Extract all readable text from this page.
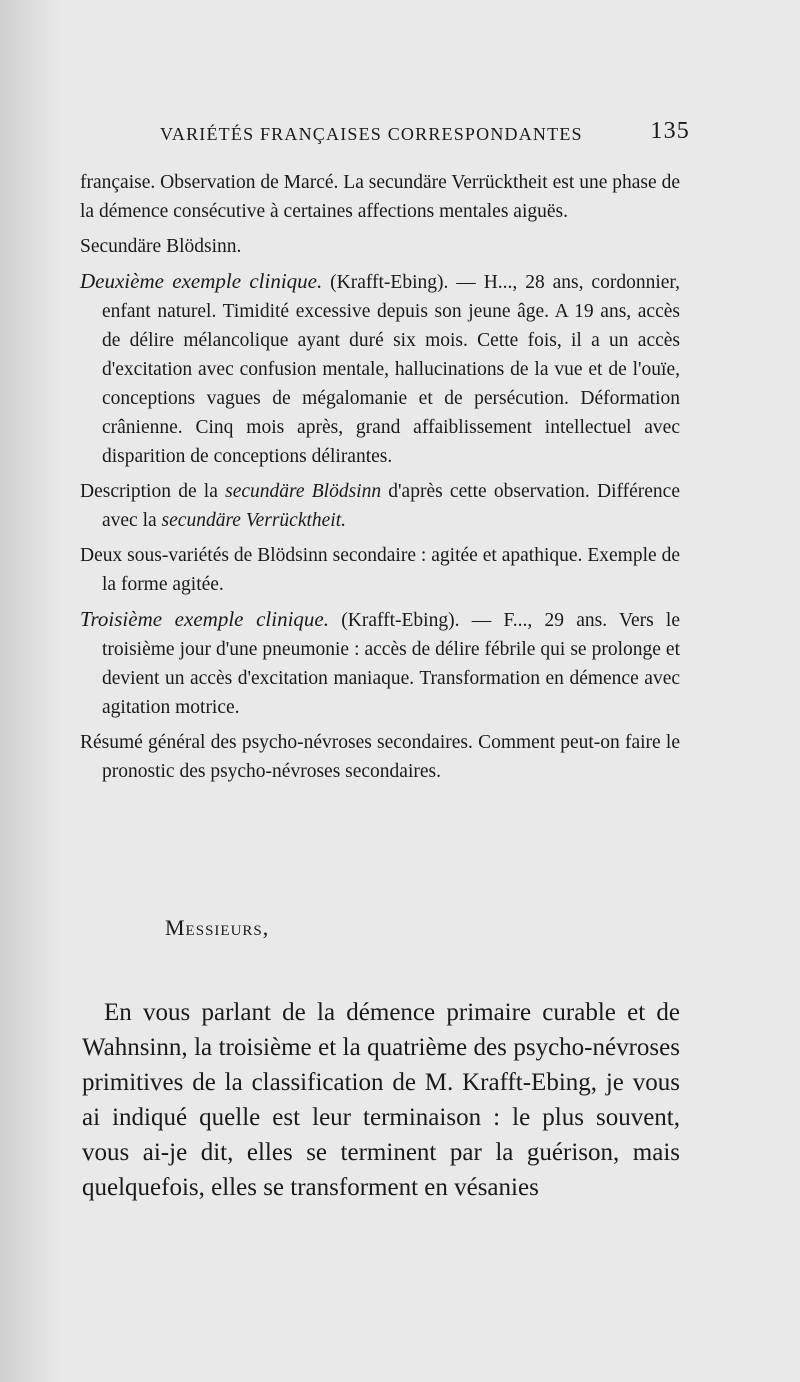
VARIÉTÉS FRANÇAISES CORRESPONDANTES	135

française. Observation de Marcé. La secundäre Verrücktheit est une phase de la démence consécutive à certaines affections mentales aiguës.

Secundäre Blödsinn.

Deuxième exemple clinique. (Krafft-Ebing). — H..., 28 ans, cordonnier, enfant naturel. Timidité excessive depuis son jeune âge. A 19 ans, accès de délire mélancolique ayant duré six mois. Cette fois, il a un accès d'excitation avec confusion mentale, hallucinations de la vue et de l'ouïe, conceptions vagues de mégalomanie et de persécution. Déformation crânienne. Cinq mois après, grand affaiblissement intellectuel avec disparition de conceptions délirantes.

Description de la secundäre Blödsinn d'après cette observation. Différence avec la secundäre Verrücktheit.

Deux sous-variétés de Blödsinn secondaire : agitée et apathique. Exemple de la forme agitée.

Troisième exemple clinique. (Krafft-Ebing). — F..., 29 ans. Vers le troisième jour d'une pneumonie : accès de délire fébrile qui se prolonge et devient un accès d'excitation maniaque. Transformation en démence avec agitation motrice.

Résumé général des psycho-névroses secondaires. Comment peut-on faire le pronostic des psycho-névroses secondaires.

Messieurs,

En vous parlant de la démence primaire curable et de Wahnsinn, la troisième et la quatrième des psycho-névroses primitives de la classification de M. Krafft-Ebing, je vous ai indiqué quelle est leur terminaison : le plus souvent, vous ai-je dit, elles se terminent par la guérison, mais quelquefois, elles se transforment en vésanies
